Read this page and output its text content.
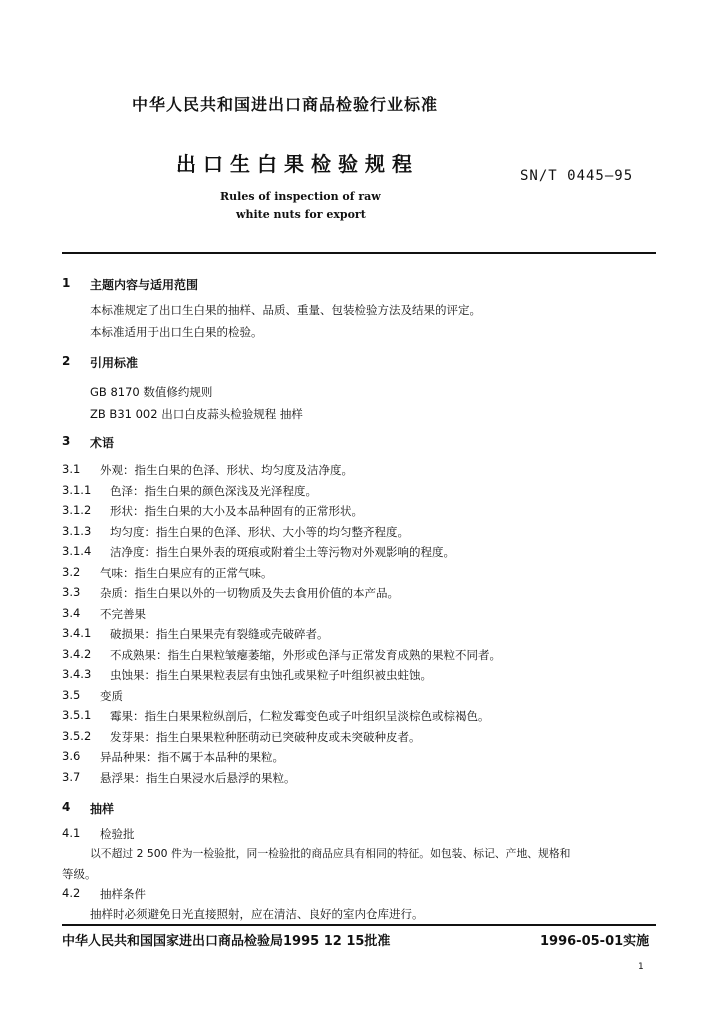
中华人民共和国进出口商品检验行业标准
出口生白果检验规程	SN/T 0445—95
Rules of inspection of raw
white nuts for export
1 主题内容与适用范围
本标准规定了出口生白果的抽样、品质、重量、包装检验方法及结果的评定。
本标准适用于出口生白果的检验。
2 引用标准
GB 8170 数值修约规则
ZB B31 002 出口白皮蒜头检验规程 抽样
3 术语
3.1 外观：指生白果的色泽、形状、均匀度及洁净度。
3.1.1 色泽：指生白果的颜色深浅及光泽程度。
3.1.2 形状：指生白果的大小及本品种固有的正常形状。
3.1.3 均匀度：指生白果的色泽、形状、大小等的均匀整齐程度。
3.1.4 洁净度：指生白果外表的斑痕或附着尘土等污物对外观影响的程度。
3.2 气味：指生白果应有的正常气味。
3.3 杂质：指生白果以外的一切物质及失去食用价值的本产品。
3.4 不完善果
3.4.1 破损果：指生白果果壳有裂缝或壳破碎者。
3.4.2 不成熟果：指生白果粒皱瘪萎缩，外形或色泽与正常发育成熟的果粒不同者。
3.4.3 虫蚀果：指生白果果粒表层有虫蚀孔或果粒子叶组织被虫蛀蚀。
3.5 变质
3.5.1 霉果：指生白果果粒纵剖后，仁粒发霉变色或子叶组织呈淡棕色或棕褐色。
3.5.2 发芽果：指生白果果粒种胚萌动已突破种皮或未突破种皮者。
3.6 异品种果：指不属于本品种的果粒。
3.7 悬浮果：指生白果浸水后悬浮的果粒。
4 抽样
4.1 检验批
以不超过 2 500 件为一检验批，同一检验批的商品应具有相同的特征。如包装、标记、产地、规格和
等级。
4.2 抽样条件
中华人民共和国国家进出口商品检验局1995 12 15批准	1996-05-01实施
1
抽样时必须避免日光直接照射，应在清洁、良好的室内仓库进行。
